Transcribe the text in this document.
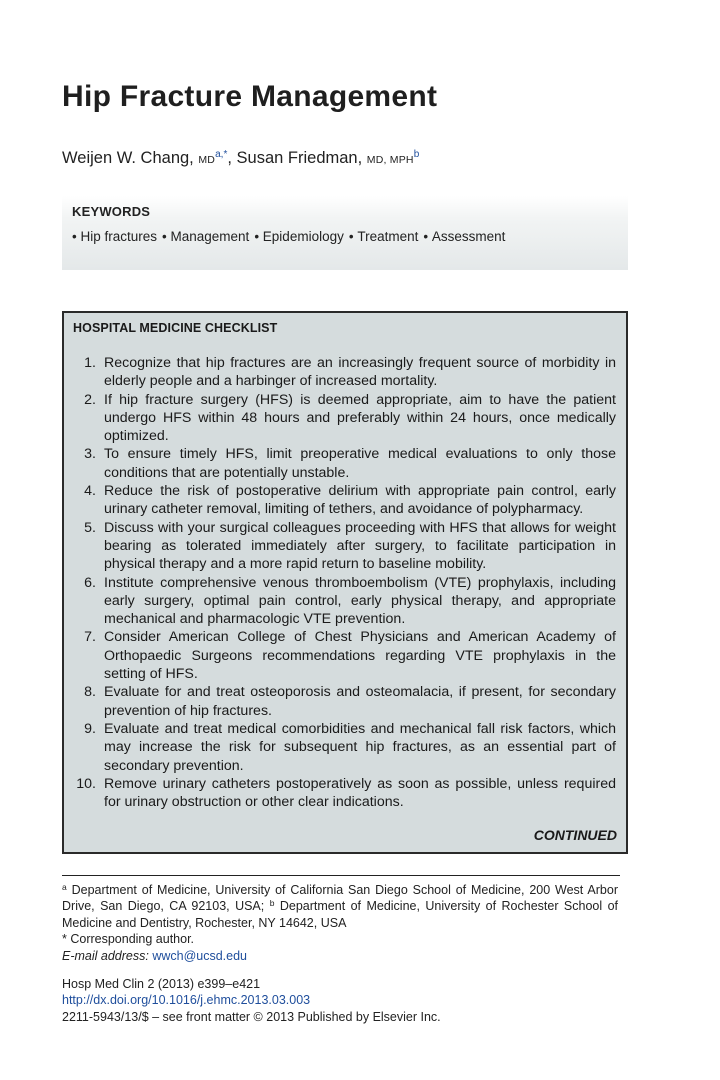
Hip Fracture Management
Weijen W. Chang, $MD^{a,*}$, Susan Friedman, MD, MPH$^b$
KEYWORDS
• Hip fractures • Management • Epidemiology • Treatment • Assessment
HOSPITAL MEDICINE CHECKLIST
1. Recognize that hip fractures are an increasingly frequent source of morbidity in elderly people and a harbinger of increased mortality.
2. If hip fracture surgery (HFS) is deemed appropriate, aim to have the patient undergo HFS within 48 hours and preferably within 24 hours, once medically optimized.
3. To ensure timely HFS, limit preoperative medical evaluations to only those conditions that are potentially unstable.
4. Reduce the risk of postoperative delirium with appropriate pain control, early urinary catheter removal, limiting of tethers, and avoidance of polypharmacy.
5. Discuss with your surgical colleagues proceeding with HFS that allows for weight bearing as tolerated immediately after surgery, to facilitate participation in physical therapy and a more rapid return to baseline mobility.
6. Institute comprehensive venous thromboembolism (VTE) prophylaxis, including early surgery, optimal pain control, early physical therapy, and appropriate mechanical and pharmacologic VTE prevention.
7. Consider American College of Chest Physicians and American Academy of Orthopaedic Surgeons recommendations regarding VTE prophylaxis in the setting of HFS.
8. Evaluate for and treat osteoporosis and osteomalacia, if present, for secondary prevention of hip fractures.
9. Evaluate and treat medical comorbidities and mechanical fall risk factors, which may increase the risk for subsequent hip fractures, as an essential part of secondary prevention.
10. Remove urinary catheters postoperatively as soon as possible, unless required for urinary obstruction or other clear indications.
CONTINUED

$^a$ Department of Medicine, University of California San Diego School of Medicine, 200 West Arbor Drive, San Diego, CA 92103, USA; $^b$ Department of Medicine, University of Rochester School of Medicine and Dentistry, Rochester, NY 14642, USA

* Corresponding author.

E-mail address: wwch@ucsd.edu

Hosp Med Clin 2 (2013) e399–e421
http://dx.doi.org/10.1016/j.ehmc.2013.03.003
2211-5943/13/$ – see front matter © 2013 Published by Elsevier Inc.
